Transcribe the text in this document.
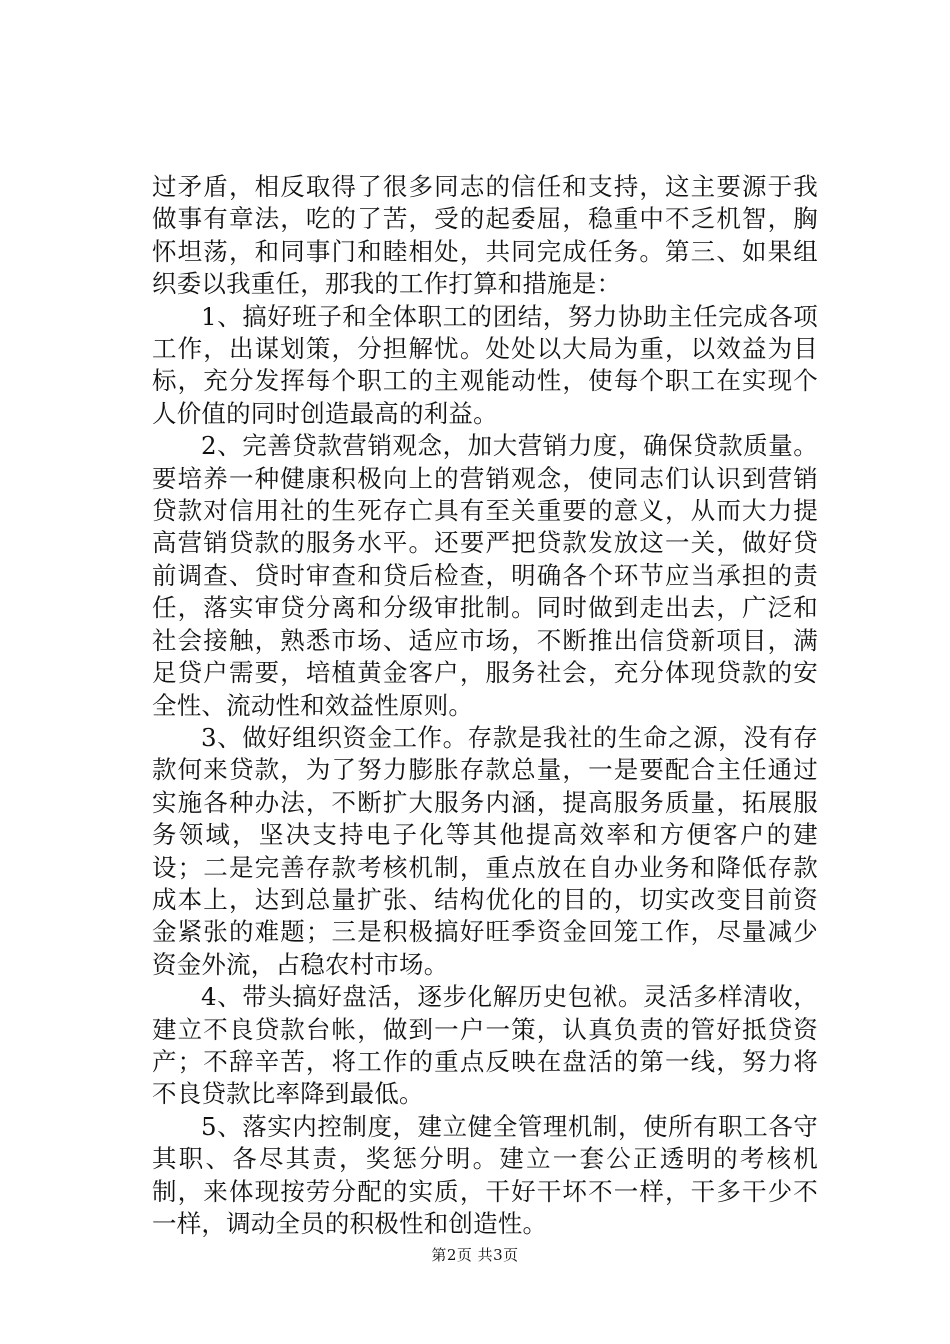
过矛盾，相反取得了很多同志的信任和支持，这主要源于我做事有章法，吃的了苦，受的起委屈，稳重中不乏机智，胸怀坦荡，和同事门和睦相处，共同完成任务。第三、如果组织委以我重任，那我的工作打算和措施是：

1、搞好班子和全体职工的团结，努力协助主任完成各项工作，出谋划策，分担解忧。处处以大局为重，以效益为目标，充分发挥每个职工的主观能动性，使每个职工在实现个人价值的同时创造最高的利益。

2、完善贷款营销观念，加大营销力度，确保贷款质量。要培养一种健康积极向上的营销观念，使同志们认识到营销贷款对信用社的生死存亡具有至关重要的意义，从而大力提高营销贷款的服务水平。还要严把贷款发放这一关，做好贷前调查、贷时审查和贷后检查，明确各个环节应当承担的责任，落实审贷分离和分级审批制。同时做到走出去，广泛和社会接触，熟悉市场、适应市场，不断推出信贷新项目，满足贷户需要，培植黄金客户，服务社会，充分体现贷款的安全性、流动性和效益性原则。

3、做好组织资金工作。存款是我社的生命之源，没有存款何来贷款，为了努力膨胀存款总量，一是要配合主任通过实施各种办法，不断扩大服务内涵，提高服务质量，拓展服务领域，坚决支持电子化等其他提高效率和方便客户的建设；二是完善存款考核机制，重点放在自办业务和降低存款成本上，达到总量扩张、结构优化的目的，切实改变目前资金紧张的难题；三是积极搞好旺季资金回笼工作，尽量减少资金外流，占稳农村市场。

4、带头搞好盘活，逐步化解历史包袱。灵活多样清收，建立不良贷款台帐，做到一户一策，认真负责的管好抵贷资产；不辞辛苦，将工作的重点反映在盘活的第一线，努力将不良贷款比率降到最低。

5、落实内控制度，建立健全管理机制，使所有职工各守其职、各尽其责，奖惩分明。建立一套公正透明的考核机制，来体现按劳分配的实质，干好干坏不一样，干多干少不一样，调动全员的积极性和创造性。

第2页 共3页
